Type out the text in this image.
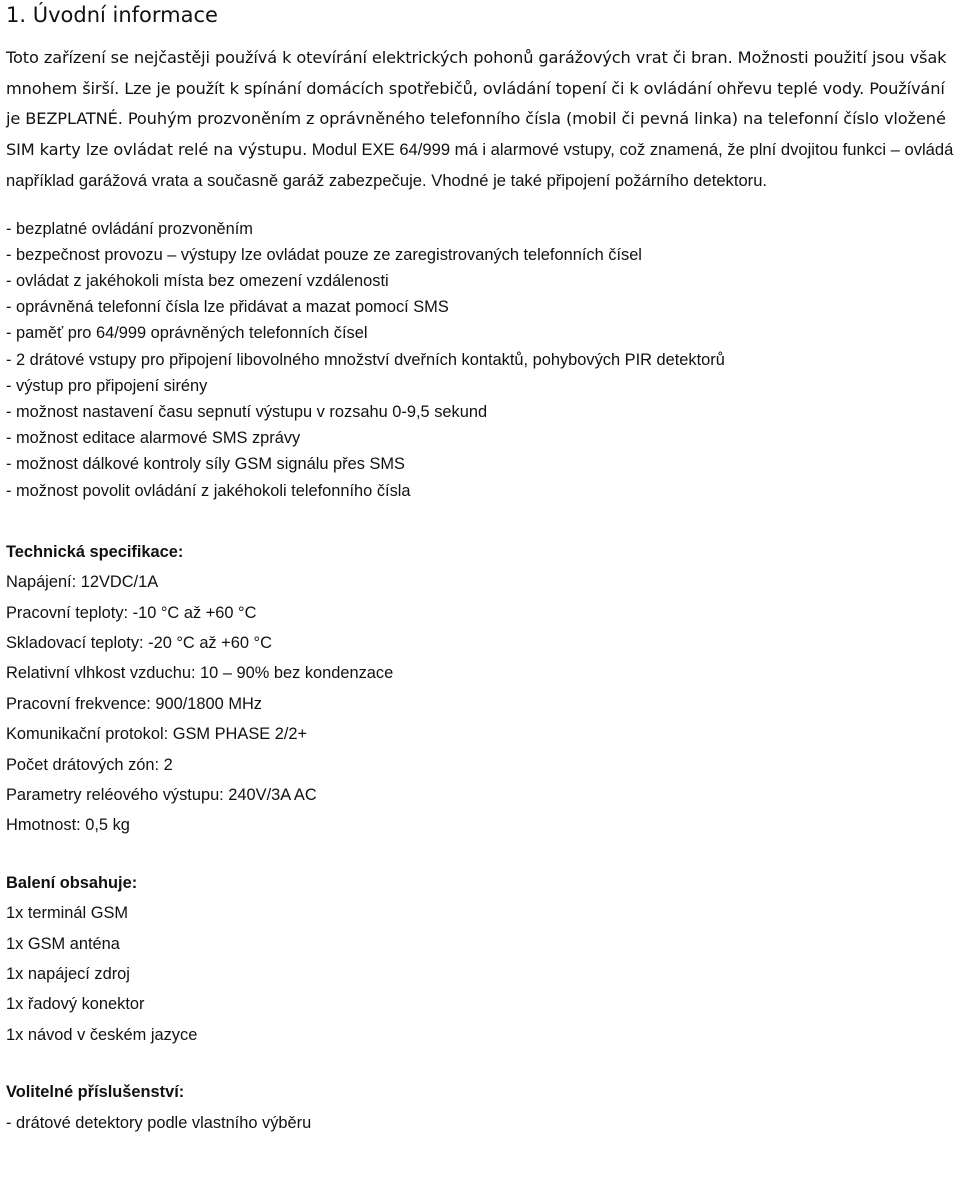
1. Úvodní informace
Toto zařízení se nejčastěji používá k otevírání elektrických pohonů garážových vrat či bran. Možnosti použití jsou však mnohem širší. Lze je použít k spínání domácích spotřebičů, ovládání topení či k ovládání ohřevu teplé vody. Používání je BEZPLATNÉ. Pouhým prozvoněním z oprávněného telefonního čísla (mobil či pevná linka) na telefonní číslo vložené SIM karty lze ovládat relé na výstupu. Modul EXE 64/999 má i alarmové vstupy, což znamená, že plní dvojitou funkci – ovládá například garážová vrata a současně garáž zabezpečuje. Vhodné je také připojení požárního detektoru.
- bezplatné ovládání prozvoněním
- bezpečnost provozu – výstupy lze ovládat pouze ze zaregistrovaných telefonních čísel
- ovládat z jakéhokoli místa bez omezení vzdálenosti
- oprávněná telefonní čísla lze přidávat a mazat pomocí SMS
- paměť pro 64/999 oprávněných telefonních čísel
- 2 drátové vstupy pro připojení libovolného množství dveřních kontaktů, pohybových PIR detektorů
- výstup pro připojení sirény
- možnost nastavení času sepnutí výstupu v rozsahu 0-9,5 sekund
- možnost editace alarmové SMS zprávy
- možnost dálkové kontroly síly GSM signálu přes SMS
- možnost povolit ovládání z jakéhokoli telefonního čísla
Technická specifikace:
Napájení: 12VDC/1A
Pracovní teploty: -10 °C až +60 °C
Skladovací teploty: -20 °C až +60 °C
Relativní vlhkost vzduchu: 10 – 90% bez kondenzace
Pracovní frekvence: 900/1800 MHz
Komunikační protokol: GSM PHASE 2/2+
Počet drátových zón: 2
Parametry reléového výstupu: 240V/3A AC
Hmotnost: 0,5 kg
Balení obsahuje:
1x terminál GSM
1x GSM anténa
1x napájecí zdroj
1x řadový konektor
1x návod v českém jazyce
Volitelné příslušenství:
- drátové detektory podle vlastního výběru
